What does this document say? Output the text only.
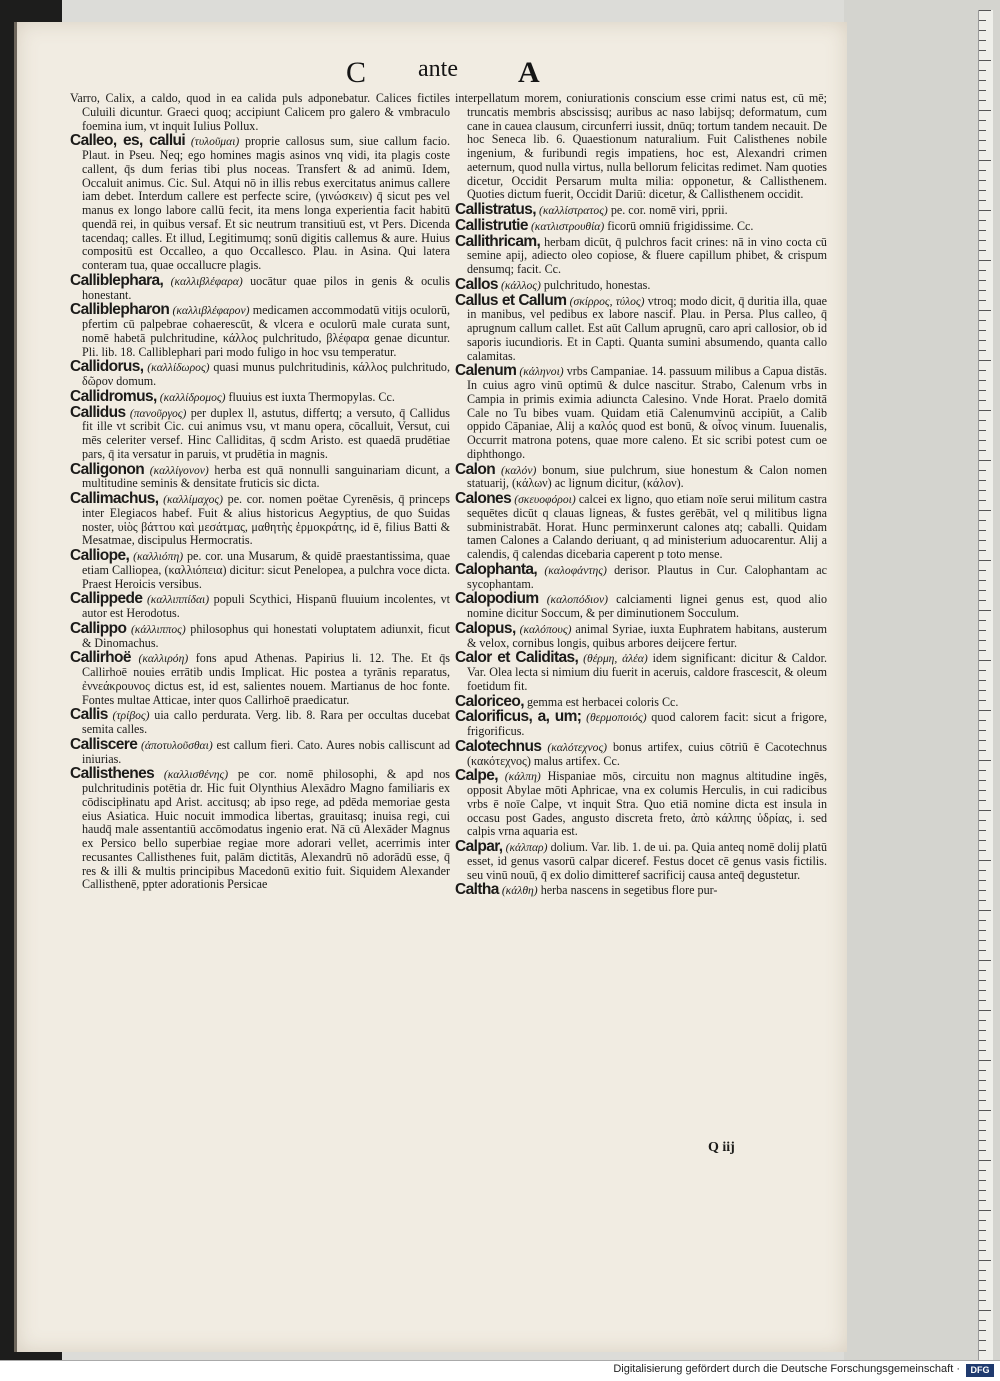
C ante A

Varro, Calix, a caldo, quod in ea calida puls adponebatur. Calices fictiles Culuili dicuntur. Graeci quoq; accipiunt Calicem pro galero & vmbraculo foemina ium, vt inquit Iulius Pollux.

Calleo, es, callui (τυλοῦμαι) proprie callosus sum, siue callum facio. Plaut. in Pseu. Neq; ego homines magis asinos vnq vidi, ita plagis coste callent, q̄s dum ferias tibi plus noceas. Transfert & ad animū. Idem, Occaluit animus. Cic. Sul. Atqui nō in illis rebus exercitatus animus callere iam debet. Interdum callere est perfecte scire, (γινώσκειν) q̄ sicut pes vel manus ex longo labore callū fecit, ita mens longa experientia facit habitū quendā rei, in quibus versaf. Et sic neutrum transitiuū est, vt Pers. Dicenda tacendaq; calles. Et illud, Legitimumq; sonū digitis callemus & aure. Huius compositū est Occalleo, a quo Occallesco. Plau. in Asina. Qui latera conteram tua, quae occallucre plagis.

Calliblephara, (καλλιβλέφαρα) uocātur quae pilos in genis & oculis honestant.

Calliblepharon (καλλιβλέφαρον) medicamen accommodatū vitijs oculorū, pfertim cū palpebrae cohaerescūt, & vlcera e oculorū male curata sunt, nomē habetā pulchritudine, κάλλος pulchritudo, βλέφαρα genae dicuntur. Pli. lib. 18. Calliblephari pari modo fuligo in hoc vsu temperatur.

Callidorus, (καλλίδωρος) quasi munus pulchritudinis, κάλλος pulchritudo, δῶρον domum.

Callidromus, (καλλίδρομος) fluuius est iuxta Thermopylas. Cc.

Callidus (πανοῦργος) per duplex ll, astutus, differtq; a versuto, q̄ Callidus fit ille vt scribit Cic. cui animus vsu, vt manu opera, cōcalluit, Versut, cui mēs celeriter versef. Hinc Calliditas, q̄ scdm Aristo. est quaedā prudētiae pars, q̄ ita versatur in paruis, vt prudētia in magnis.

Calligonon (καλλίγονον) herba est quā nonnulli sanguinariam dicunt, a multitudine seminis & densitate fruticis sic dicta.

Callimachus, (καλλίμαχος) pe. cor. nomen poëtae Cyrenēsis, q̄ princeps inter Elegiacos habef. Fuit & alius historicus Aegyptius, de quo Suidas noster, υἱὸς βάττου καὶ μεσάτμας, μαθητὴς ἑρμοκράτης, id ē, filius Batti & Mesatmae, discipulus Hermocratis.

Calliope, (καλλιόπη) pe. cor. una Musarum, & quidē praestantissima, quae etiam Calliopea, (καλλιόπεια) dicitur: sicut Penelopea, a pulchra voce dicta. Praest Heroicis versibus.

Callippede (καλλιππίδαι) populi Scythici, Hispanū fluuium incolentes, vt autor est Herodotus.

Callippo (κάλλιππος) philosophus qui honestati voluptatem adiunxit, ficut & Dinomachus.

Callirhoë (καλλιρόη) fons apud Athenas. Papirius li. 12. The. Et q̄s Callirhoē nouies errātib undis Implicat. Hic postea a tyrānis reparatus, ἐννεάκρουνος dictus est, id est, salientes nouem. Martianus de hoc fonte. Fontes multae Atticae, inter quos Callirhoē praedicatur.

Callis (τρίβος) uia callo perdurata. Verg. lib. 8. Rara per occultas ducebat semita calles.

Calliscere (ἀποτυλοῦσθαι) est callum fieri. Cato. Aures nobis calliscunt ad iniurias.

Callisthenes (καλλισθένης) pe cor. nomē philosophi, & apd nos pulchritudinis potētia dr. Hic fuit Olynthius Alexādro Magno familiaris ex cōdiscipłinatu apd Arist. accitusq; ab ipso rege, ad pdēda memoriae gesta eius Asiatica. Huic nocuit immodica libertas, grauitasq; inuisa regi, cui haudq̄ male assentantiū accōmodatus ingenio erat. Nā cū Alexāder Magnus ex Persico bello superbiae regiae more adorari vellet, acerrimis inter recusantes Callisthenes fuit, palām dictitās, Alexandrū nō adorādū esse, q̄ res & illi & multis principibus Macedonū exitio fuit. Siquidem Alexander Callisthenē, ppter adorationis Persicae

interpellatum morem, coniurationis conscium esse crimi natus est, cū mē; truncatis membris abscissisq; auribus ac naso labijsq; deformatum, cum cane in cauea clausum, circunferri iussit, dnūq; tortum tandem necauit. De hoc Seneca lib. 6. Quaestionum naturalium. Fuit Calisthenes nobile ingenium, & furibundi regis impatiens, hoc est, Alexandri crimen aeternum, quod nulla virtus, nulla bellorum felicitas redimet. Nam quoties dicetur, Occidit Persarum multa milia: opponetur, & Callisthenem. Quoties dictum fuerit, Occidit Dariū: dicetur, & Callisthenem occidit.

Callistratus, (καλλίστρατος) pe. cor. nomē viri, pprii.

Callistrutie (κατλιστρουθία) ficorū omniū frigidissime. Cc.

Callithricam, herbam dicūt, q̄ pulchros facit crines: nā in vino cocta cū semine apij, adiecto oleo copiose, & fluere capillum phibet, & crispum densumq; facit. Cc.

Callos (κάλλος) pulchritudo, honestas.

Callus et Callum (σκίρρος, τύλος) vtroq; modo dicit, q̄ duritia illa, quae in manibus, vel pedibus ex labore nascif. Plau. in Persa. Plus calleo, q̄ aprugnum callum callet. Est aūt Callum aprugnū, caro apri callosior, ob id saporis iucundioris. Et in Capti. Quanta sumini absumendo, quanta callo calamitas.

Calenum (κάληνοι) vrbs Campaniae. 14. passuum milibus a Capua distās. In cuius agro vinū optimū & dulce nascitur. Strabo, Calenum vrbs in Campia in primis eximia adiuncta Calesino. Vnde Horat. Praelo domitā Cale no Tu bibes vuam. Quidam etiā Calenumvinū accipiūt, a Calib oppido Cāpaniae, Alij a καλός quod est bonū, & οἶνος vinum. Iuuenalis, Occurrit matrona potens, quae more caleno. Et sic scribi potest cum oe diphthongo.

Calon (καλόν) bonum, siue pulchrum, siue honestum & Calon nomen statuarij, (κάλων) ac lignum dicitur, (κάλον).

Calones (σκευοφόροι) calcei ex ligno, quo etiam noīe serui militum castra sequētes dicūt q clauas ligneas, & fustes gerēbāt, vel q militibus ligna subministrabāt. Horat. Hunc perminxerunt calones atq; caballi. Quidam tamen Calones a Calando deriuant, q ad ministerium aduocarentur. Alij a calendis, q̄ calendas dicebaria caperent p toto mense.

Calophanta, (καλοφάντης) derisor. Plautus in Cur. Calophantam ac sycophantam.

Calopodium (καλοπόδιον) calciamenti lignei genus est, quod alio nomine dicitur Soccum, & per diminutionem Socculum.

Calopus, (καλόπους) animal Syriae, iuxta Euphratem habitans, austerum & velox, cornibus longis, quibus arbores deijcere fertur.

Calor et Caliditas, (θέρμη, ἀλέα) idem significant: dicitur & Caldor. Var. Olea lecta si nimium diu fuerit in aceruis, caldore frascescit, & oleum foetidum fit.

Caloriceo, gemma est herbacei coloris Cc.

Calorificus, a, um; (θερμοποιός) quod calorem facit: sicut a frigore, frigorificus.

Calotechnus (καλότεχνος) bonus artifex, cuius cōtriū ē Cacotechnus (κακότεχνος) malus artifex. Cc.

Calpe, (κάλπη) Hispaniae mōs, circuitu non magnus altitudine ingēs, opposit Abylae mōti Aphricae, vna ex columis Herculis, in cui radicibus vrbs ē noīe Calpe, vt inquit Stra. Quo etiā nomine dicta est insula in occasu post Gades, angusto discreta freto, ἀπὸ κάλπης ὑδρίας, i. sed calpis vrna aquaria est.

Calpar, (κάλπαρ) dolium. Var. lib. 1. de ui. pa. Quia anteq nomē dolij platū esset, id genus vasorū calpar diceref. Festus docet cē genus vasis fictilis. seu vinū nouū, q̄ ex dolio dimitteref sacrificij causa anteq̄ degustetur.

Caltha (κάλθη) herba nascens in segetibus flore pur-

Q iij
Digitalisierung gefördert durch die Deutsche Forschungsgemeinschaft ·	DFG
